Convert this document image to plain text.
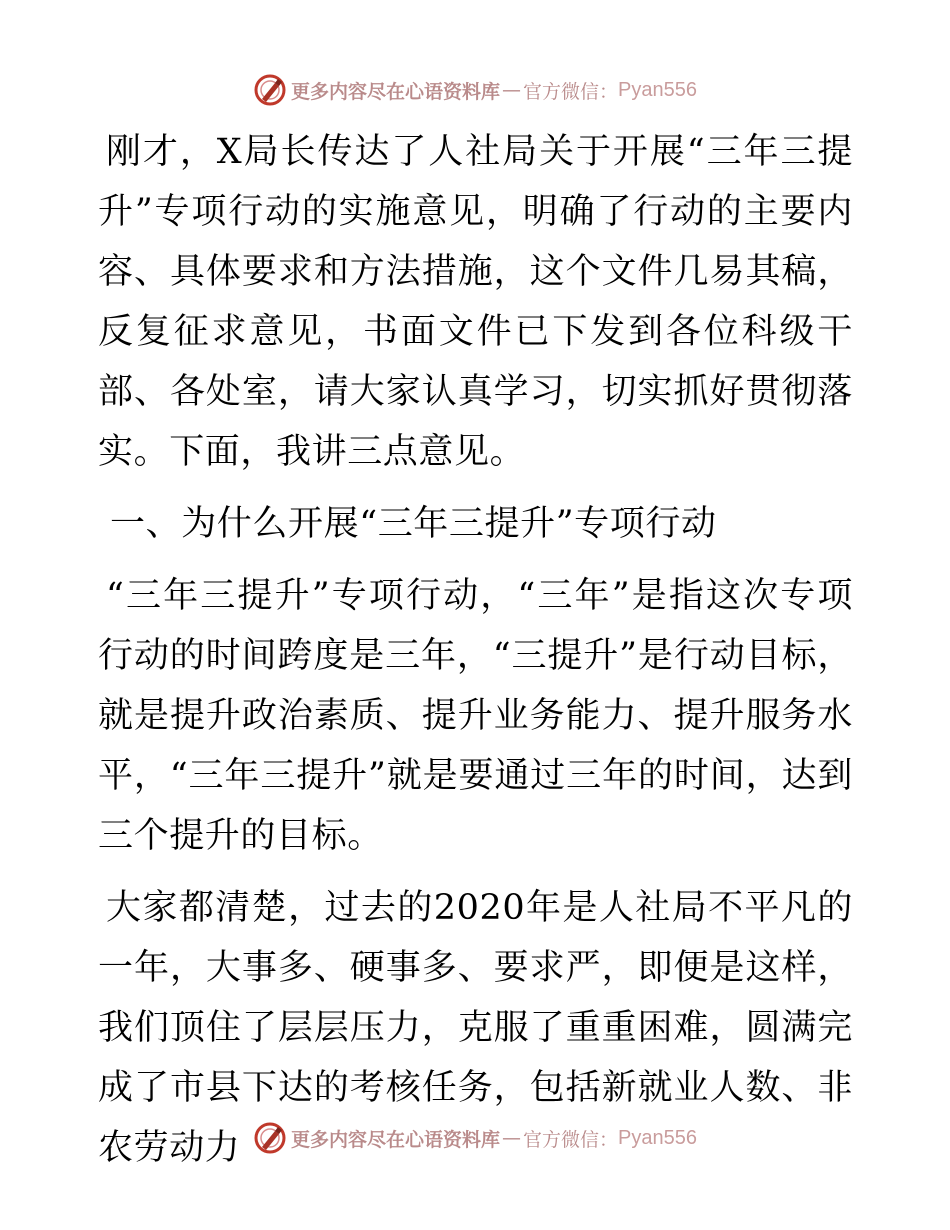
更多内容尽在心语资料库 — 官方微信： Pyan556

刚才，X局长传达了人社局关于开展“三年三提升”专项行动的实施意见，明确了行动的主要内容、具体要求和方法措施，这个文件几易其稿，反复征求意见，书面文件已下发到各位科级干部、各处室，请大家认真学习，切实抓好贯彻落实。下面，我讲三点意见。

一、为什么开展“三年三提升”专项行动

“三年三提升”专项行动，“三年”是指这次专项行动的时间跨度是三年，“三提升”是行动目标，就是提升政治素质、提升业务能力、提升服务水平，“三年三提升”就是要通过三年的时间，达到三个提升的目标。

大家都清楚，过去的2020年是人社局不平凡的一年，大事多、硬事多、要求严，即便是这样，我们顶住了层层压力，克服了重重困难，圆满完成了市县下达的考核任务，包括新就业人数、非农劳动力	更多内容尽在心语资料库 — 官方微信： Pyan556
